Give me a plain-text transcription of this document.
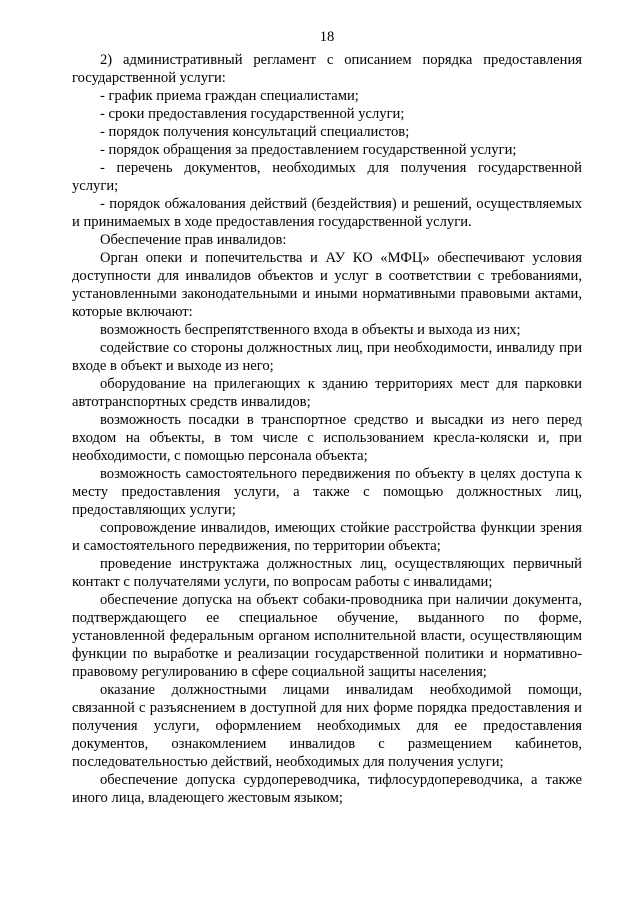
18

2) административный регламент с описанием порядка предоставления государственной услуги:

- график приема граждан специалистами;

- сроки предоставления государственной услуги;

- порядок получения консультаций специалистов;

- порядок обращения за предоставлением государственной услуги;

- перечень документов, необходимых для получения государственной услуги;

- порядок обжалования действий (бездействия) и решений, осуществляемых и принимаемых в ходе предоставления государственной услуги.

Обеспечение прав инвалидов:

Орган опеки и попечительства и АУ КО «МФЦ» обеспечивают условия доступности для инвалидов объектов и услуг в соответствии с требованиями, установленными законодательными и иными нормативными правовыми актами, которые включают:

возможность беспрепятственного входа в объекты и выхода из них;

содействие со стороны должностных лиц, при необходимости, инвалиду при входе в объект и выходе из него;

оборудование на прилегающих к зданию территориях мест для парковки автотранспортных средств инвалидов;

возможность посадки в транспортное средство и высадки из него перед входом на объекты, в том числе с использованием кресла-коляски и, при необходимости, с помощью персонала объекта;

возможность самостоятельного передвижения по объекту в целях доступа к месту предоставления услуги, а также с помощью должностных лиц, предоставляющих услуги;

сопровождение инвалидов, имеющих стойкие расстройства функции зрения и самостоятельного передвижения, по территории объекта;

проведение инструктажа должностных лиц, осуществляющих первичный контакт с получателями услуги, по вопросам работы с инвалидами;

обеспечение допуска на объект собаки-проводника при наличии документа, подтверждающего ее специальное обучение, выданного по форме, установленной федеральным органом исполнительной власти, осуществляющим функции по выработке и реализации государственной политики и нормативно-правовому регулированию в сфере социальной защиты населения;

оказание должностными лицами инвалидам необходимой помощи, связанной с разъяснением в доступной для них форме порядка предоставления и получения услуги, оформлением необходимых для ее предоставления документов, ознакомлением инвалидов с размещением кабинетов, последовательностью действий, необходимых для получения услуги;

обеспечение допуска сурдопереводчика, тифлосурдопереводчика, а также иного лица, владеющего жестовым языком;
